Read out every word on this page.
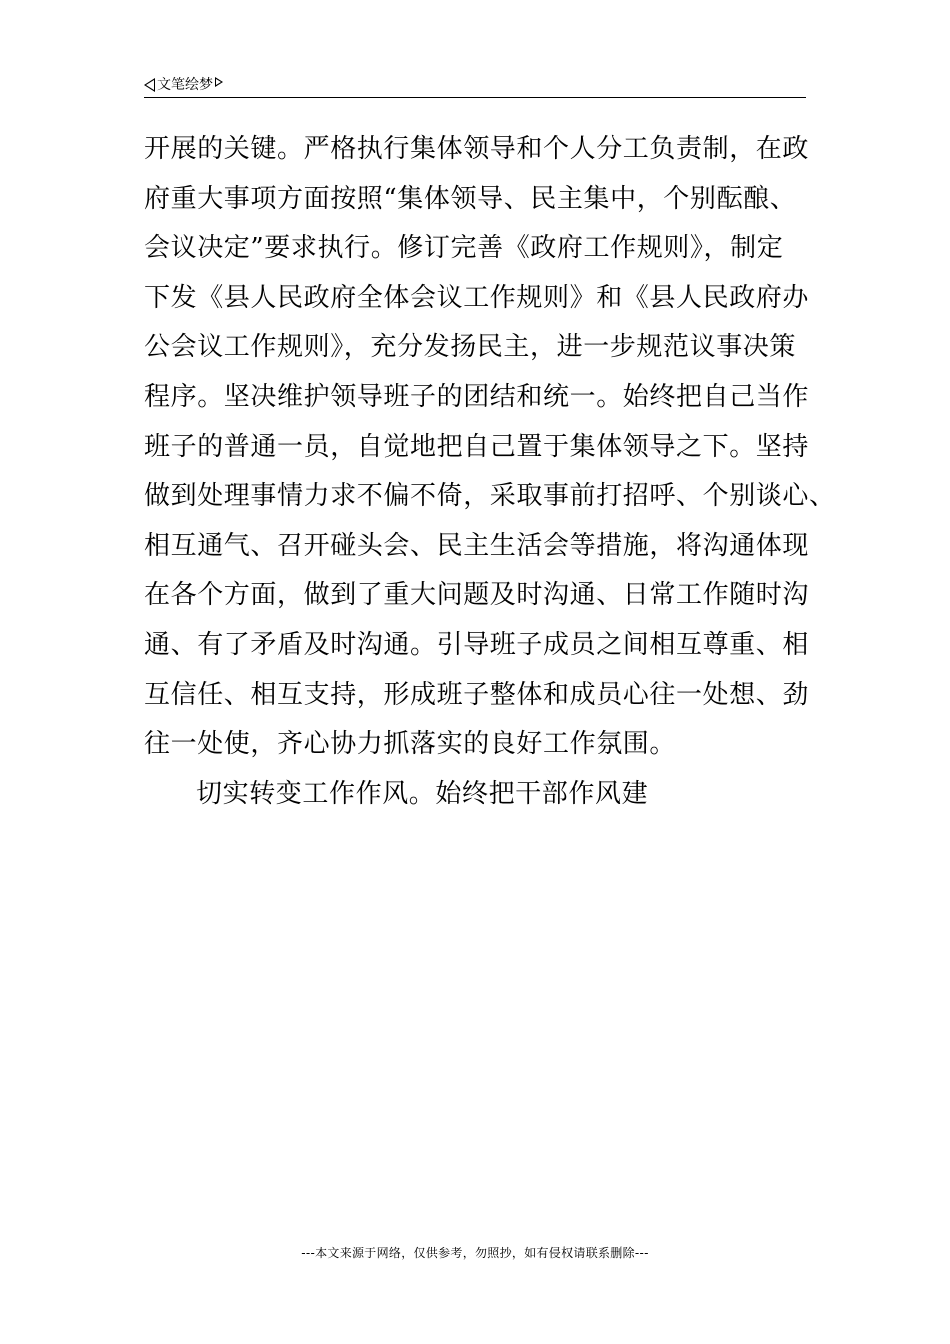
文笔绘梦
开展的关键。严格执行集体领导和个人分工负责制，在政
府重大事项方面按照“集体领导、民主集中，个别酝酿、
会议决定”要求执行。修订完善《政府工作规则》，制定
下发《县人民政府全体会议工作规则》和《县人民政府办
公会议工作规则》，充分发扬民主，进一步规范议事决策
程序。坚决维护领导班子的团结和统一。始终把自己当作
班子的普通一员，自觉地把自己置于集体领导之下。坚持
做到处理事情力求不偏不倚，采取事前打招呼、个别谈心、
相互通气、召开碰头会、民主生活会等措施，将沟通体现
在各个方面，做到了重大问题及时沟通、日常工作随时沟
通、有了矛盾及时沟通。引导班子成员之间相互尊重、相
互信任、相互支持，形成班子整体和成员心往一处想、劲
往一处使，齐心协力抓落实的良好工作氛围。
切实转变工作作风。始终把干部作风建
---本文来源于网络，仅供参考，勿照抄，如有侵权请联系删除---
